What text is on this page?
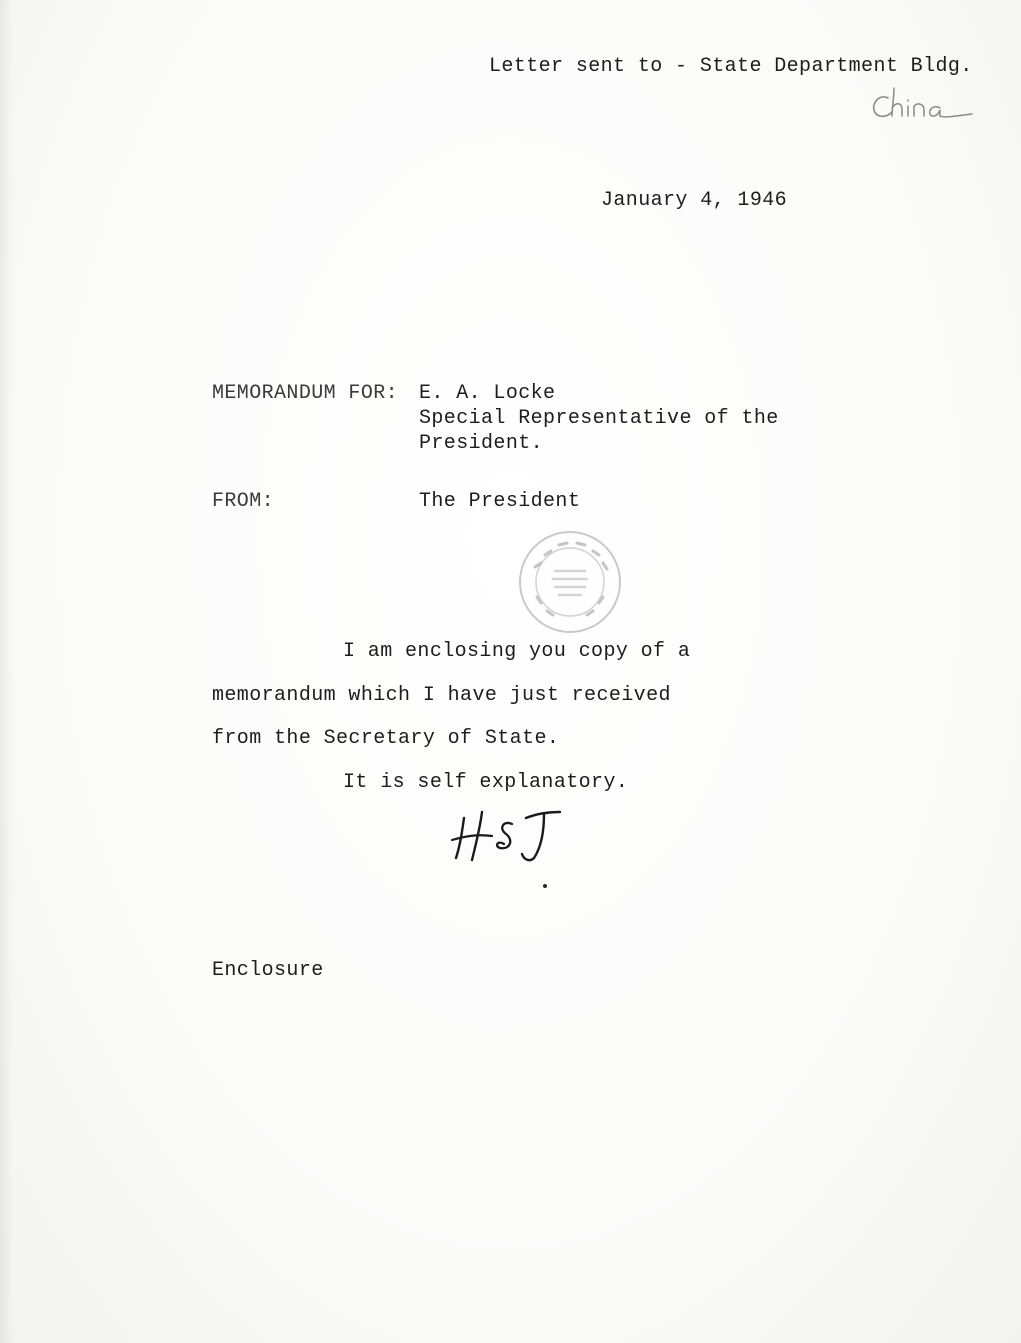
Letter sent to - State Department Bldg.

January 4, 1946

MEMORANDUM FOR: E. A. Locke

Special Representative of the

President.

FROM:	The President

I am enclosing you copy of a

memorandum which I have just received

from the Secretary of State.

It is self explanatory.

Enclosure
